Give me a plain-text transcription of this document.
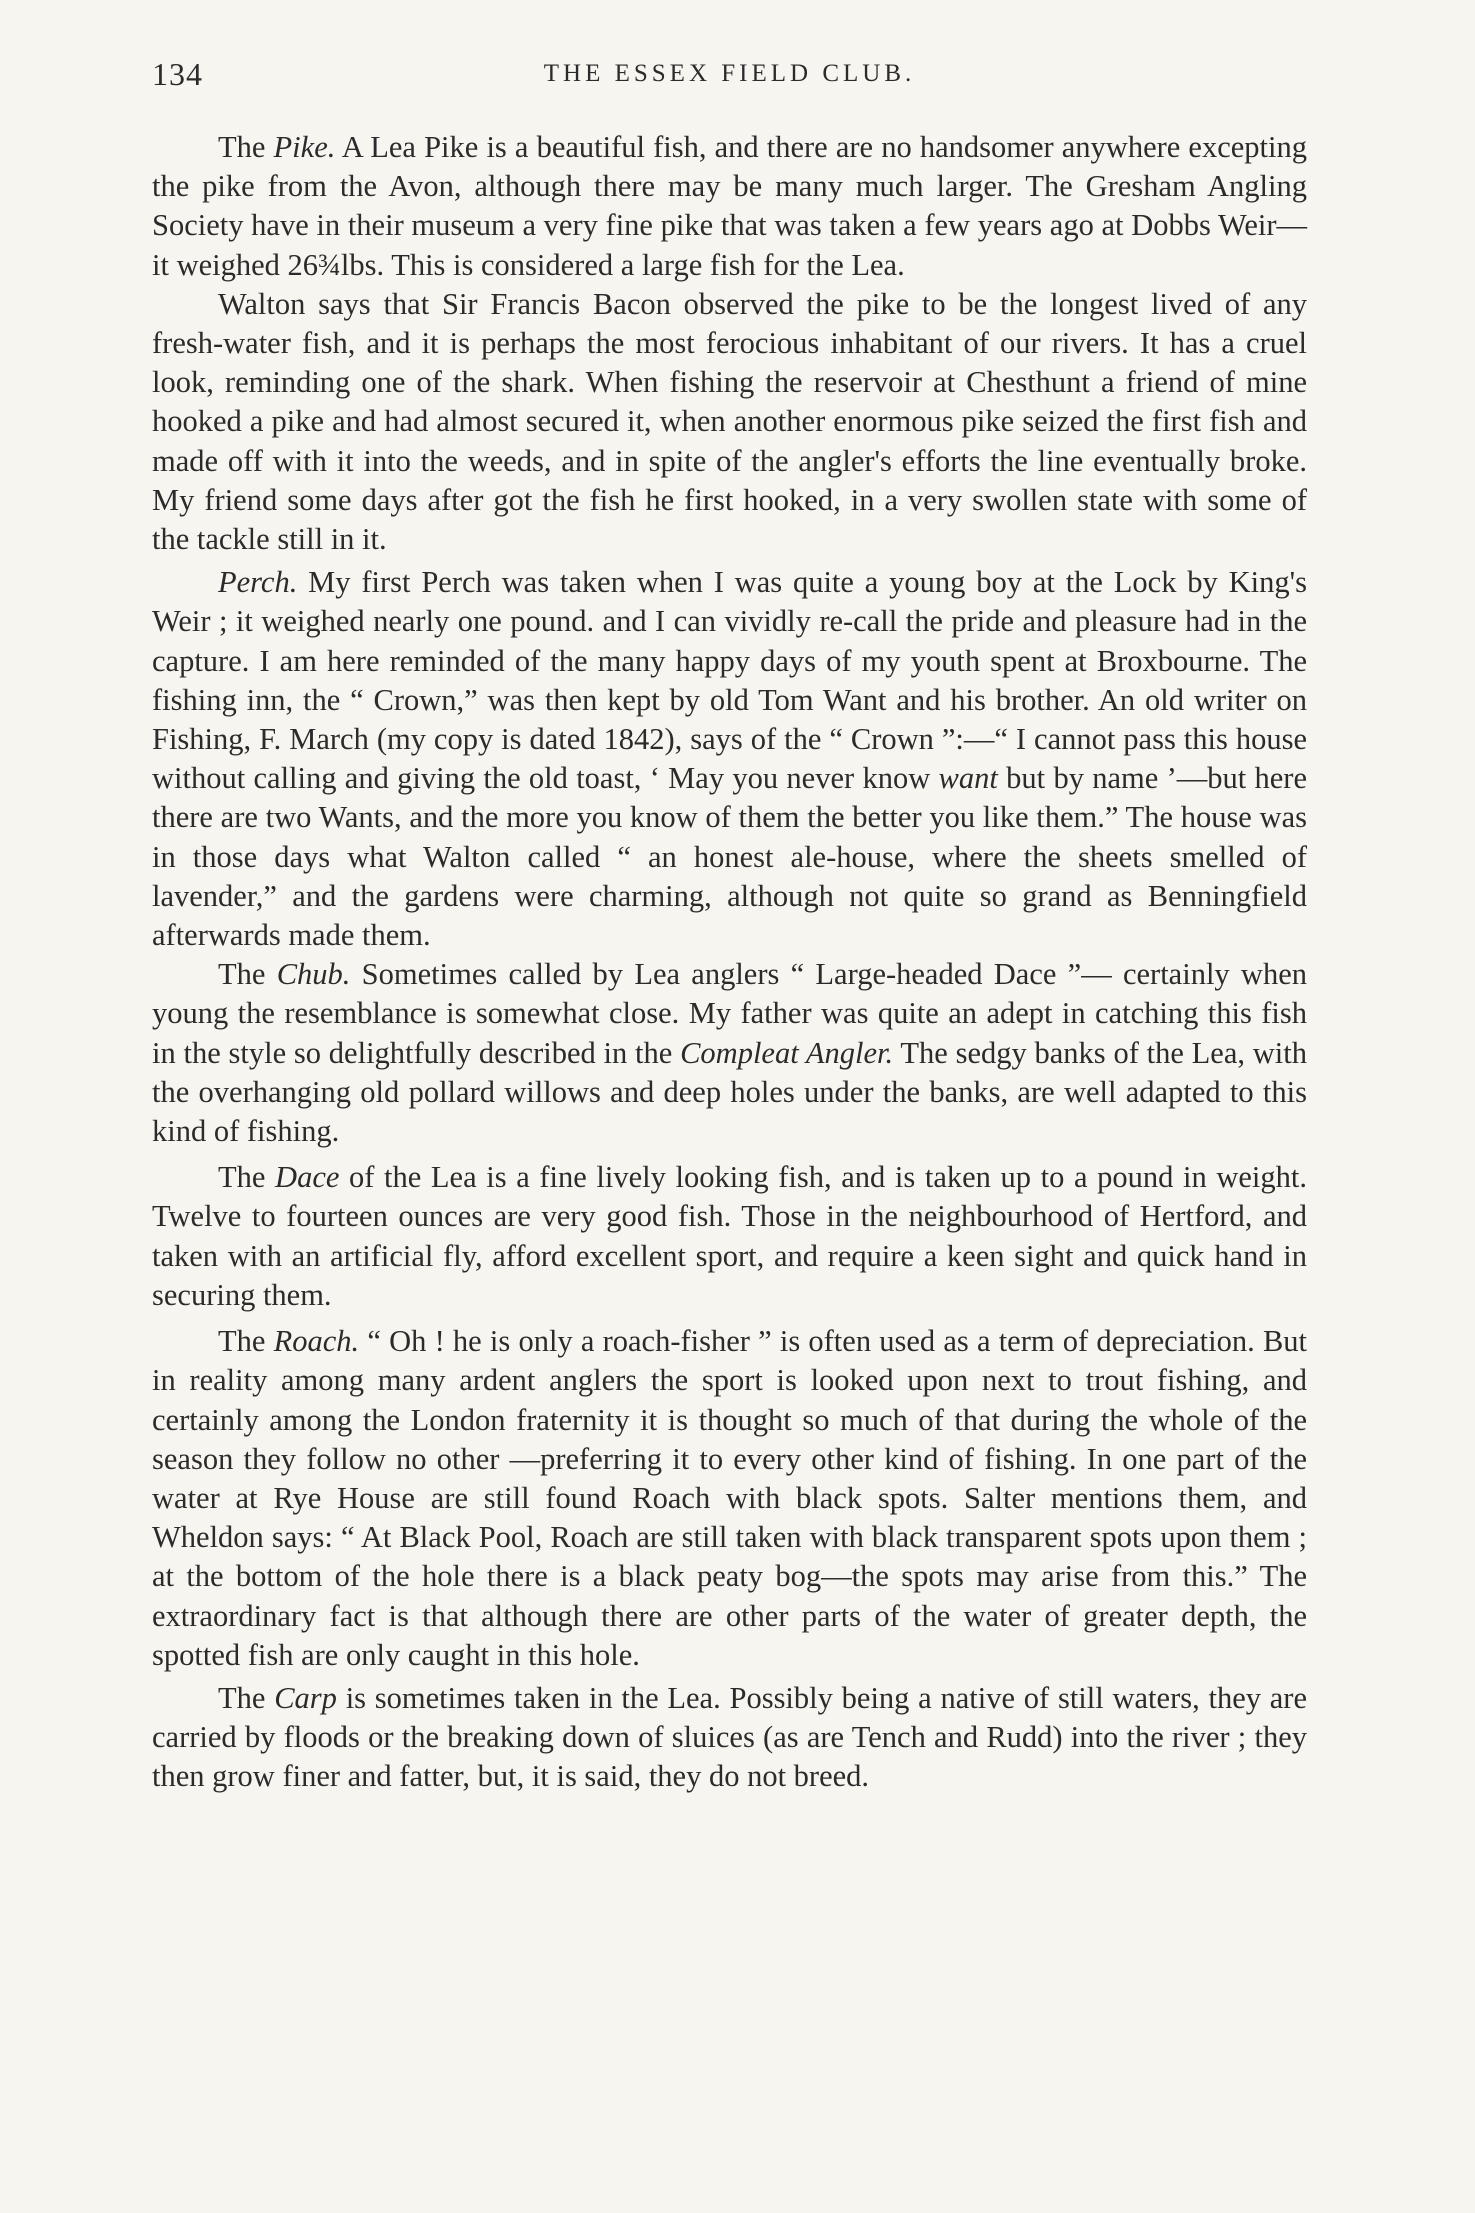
134	THE ESSEX FIELD CLUB.

The Pike. A Lea Pike is a beautiful fish, and there are no handsomer anywhere excepting the pike from the Avon, although there may be many much larger. The Gresham Angling Society have in their museum a very fine pike that was taken a few years ago at Dobbs Weir—it weighed 26¾lbs. This is considered a large fish for the Lea.

Walton says that Sir Francis Bacon observed the pike to be the longest lived of any fresh-water fish, and it is perhaps the most ferocious inhabitant of our rivers. It has a cruel look, reminding one of the shark. When fishing the reservoir at Chesthunt a friend of mine hooked a pike and had almost secured it, when another enormous pike seized the first fish and made off with it into the weeds, and in spite of the angler's efforts the line eventually broke. My friend some days after got the fish he first hooked, in a very swollen state with some of the tackle still in it.

Perch. My first Perch was taken when I was quite a young boy at the Lock by King's Weir ; it weighed nearly one pound. and I can vividly re-call the pride and pleasure had in the capture. I am here reminded of the many happy days of my youth spent at Broxbourne. The fishing inn, the “ Crown,” was then kept by old Tom Want and his brother. An old writer on Fishing, F. March (my copy is dated 1842), says of the “ Crown ”:—“ I cannot pass this house without calling and giving the old toast, ‘ May you never know want but by name ’—but here there are two Wants, and the more you know of them the better you like them.” The house was in those days what Walton called “ an honest ale-house, where the sheets smelled of lavender,” and the gardens were charming, although not quite so grand as Benningfield afterwards made them.

The Chub. Sometimes called by Lea anglers “ Large-headed Dace ”— certainly when young the resemblance is somewhat close. My father was quite an adept in catching this fish in the style so delightfully described in the Compleat Angler. The sedgy banks of the Lea, with the overhanging old pollard willows and deep holes under the banks, are well adapted to this kind of fishing.

The Dace of the Lea is a fine lively looking fish, and is taken up to a pound in weight. Twelve to fourteen ounces are very good fish. Those in the neighbourhood of Hertford, and taken with an artificial fly, afford excellent sport, and require a keen sight and quick hand in securing them.

The Roach. “ Oh ! he is only a roach-fisher ” is often used as a term of depreciation. But in reality among many ardent anglers the sport is looked upon next to trout fishing, and certainly among the London fraternity it is thought so much of that during the whole of the season they follow no other —preferring it to every other kind of fishing. In one part of the water at Rye House are still found Roach with black spots. Salter mentions them, and Wheldon says: “ At Black Pool, Roach are still taken with black transparent spots upon them ; at the bottom of the hole there is a black peaty bog—the spots may arise from this.” The extraordinary fact is that although there are other parts of the water of greater depth, the spotted fish are only caught in this hole.

The Carp is sometimes taken in the Lea. Possibly being a native of still waters, they are carried by floods or the breaking down of sluices (as are Tench and Rudd) into the river ; they then grow finer and fatter, but, it is said, they do not breed.
